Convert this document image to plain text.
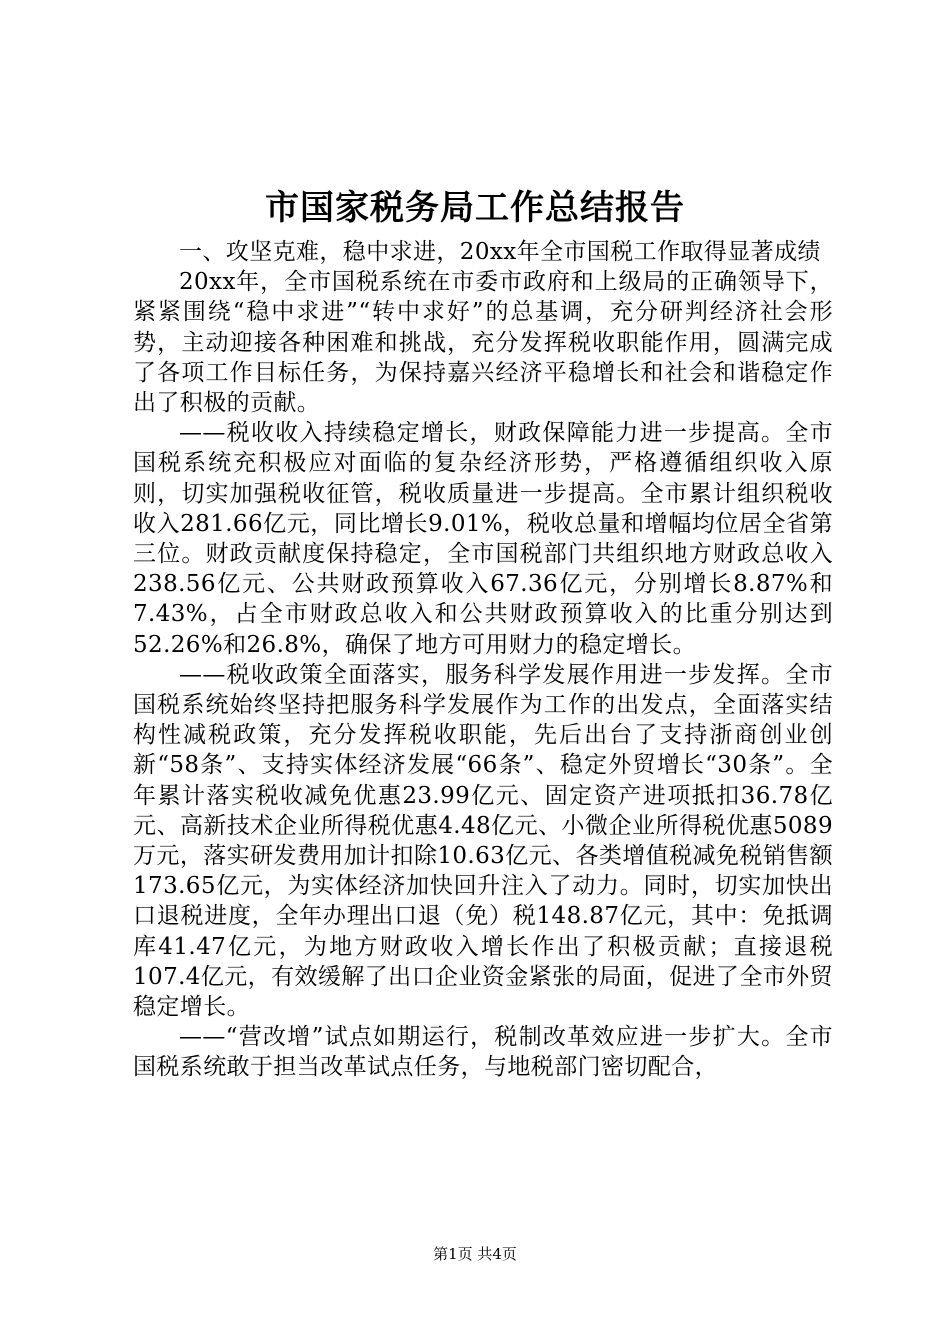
市国家税务局工作总结报告

一、攻坚克难，稳中求进，20xx年全市国税工作取得显著成绩

20xx年，全市国税系统在市委市政府和上级局的正确领导下，紧紧围绕“稳中求进”“转中求好”的总基调，充分研判经济社会形势，主动迎接各种困难和挑战，充分发挥税收职能作用，圆满完成了各项工作目标任务，为保持嘉兴经济平稳增长和社会和谐稳定作出了积极的贡献。

——税收收入持续稳定增长，财政保障能力进一步提高。全市国税系统充积极应对面临的复杂经济形势，严格遵循组织收入原则，切实加强税收征管，税收质量进一步提高。全市累计组织税收收入281.66亿元，同比增长9.01%，税收总量和增幅均位居全省第三位。财政贡献度保持稳定，全市国税部门共组织地方财政总收入238.56亿元、公共财政预算收入67.36亿元，分别增长8.87%和7.43%，占全市财政总收入和公共财政预算收入的比重分别达到52.26%和26.8%，确保了地方可用财力的稳定增长。

——税收政策全面落实，服务科学发展作用进一步发挥。全市国税系统始终坚持把服务科学发展作为工作的出发点，全面落实结构性减税政策，充分发挥税收职能，先后出台了支持浙商创业创新“58条”、支持实体经济发展“66条”、稳定外贸增长“30条”。全年累计落实税收减免优惠23.99亿元、固定资产进项抵扣36.78亿元、高新技术企业所得税优惠4.48亿元、小微企业所得税优惠5089万元，落实研发费用加计扣除10.63亿元、各类增值税减免税销售额173.65亿元，为实体经济加快回升注入了动力。同时，切实加快出口退税进度，全年办理出口退（免）税148.87亿元，其中：免抵调库41.47亿元，为地方财政收入增长作出了积极贡献；直接退税107.4亿元，有效缓解了出口企业资金紧张的局面，促进了全市外贸稳定增长。

——“营改增”试点如期运行，税制改革效应进一步扩大。全市国税系统敢于担当改革试点任务，与地税部门密切配合，

第1页 共4页
